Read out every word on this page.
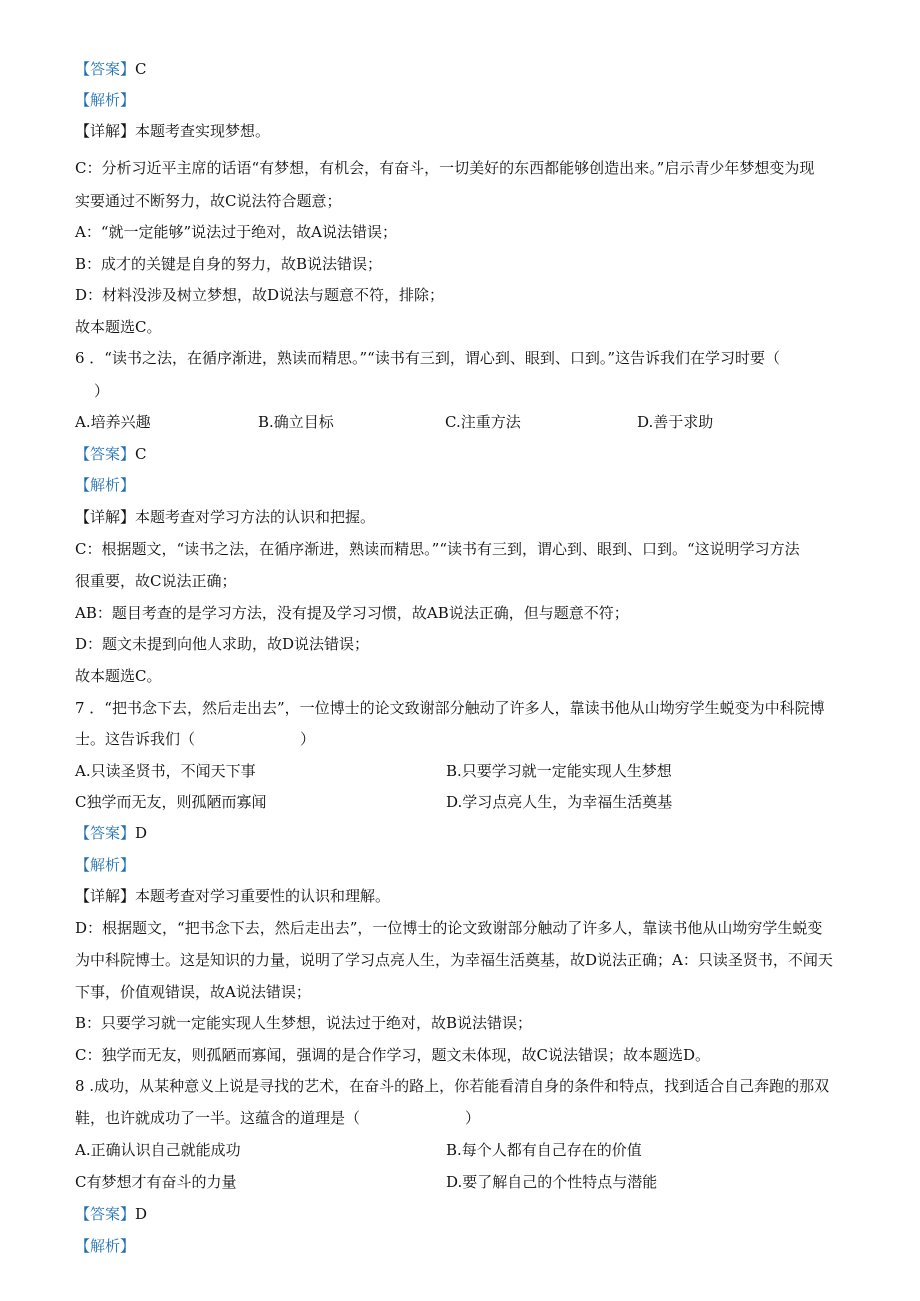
【答案】C
【解析】
【详解】本题考查实现梦想。
C：分析习近平主席的话语“有梦想，有机会，有奋斗，一切美好的东西都能够创造出来。”启示青少年梦想变为现
实要通过不断努力，故C说法符合题意；
A：“就一定能够”说法过于绝对，故A说法错误；
B：成才的关键是自身的努力，故B说法错误；
D：材料没涉及树立梦想，故D说法与题意不符，排除；
故本题选C。
6 ．“读书之法，在循序渐进，熟读而精思。”“读书有三到，谓心到、眼到、口到。”这告诉我们在学习时要（
）
A.培养兴趣	B.确立目标	C.注重方法	D.善于求助
【答案】C
【解析】
【详解】本题考查对学习方法的认识和把握。
C：根据题文，“读书之法，在循序渐进，熟读而精思。”“读书有三到，谓心到、眼到、口到。“这说明学习方法
很重要，故C说法正确；
AB：题目考查的是学习方法，没有提及学习习惯，故AB说法正确，但与题意不符；
D：题文未提到向他人求助，故D说法错误；
故本题选C。
7 ．“把书念下去，然后走出去”，一位博士的论文致谢部分触动了许多人，靠读书他从山坳穷学生蜕变为中科院博
士。这告诉我们（　　　　　　　）
A.只读圣贤书，不闻天下事	B.只要学习就一定能实现人生梦想
C独学而无友，则孤陋而寡闻	D.学习点亮人生，为幸福生活奠基
【答案】D
【解析】
【详解】本题考查对学习重要性的认识和理解。
D：根据题文，“把书念下去，然后走出去”，一位博士的论文致谢部分触动了许多人，靠读书他从山坳穷学生蜕变
为中科院博士。这是知识的力量，说明了学习点亮人生，为幸福生活奠基，故D说法正确；A：只读圣贤书，不闻天
下事，价值观错误，故A说法错误；
B：只要学习就一定能实现人生梦想，说法过于绝对，故B说法错误；
C：独学而无友，则孤陋而寡闻，强调的是合作学习，题文未体现，故C说法错误；故本题选D。
8 .成功，从某种意义上说是寻找的艺术，在奋斗的路上，你若能看清自身的条件和特点，找到适合自己奔跑的那双
鞋，也许就成功了一半。这蕴含的道理是（　　　　　　　）
A.正确认识自己就能成功	B.每个人都有自己存在的价值
C有梦想才有奋斗的力量	D.要了解自己的个性特点与潜能
【答案】D
【解析】
